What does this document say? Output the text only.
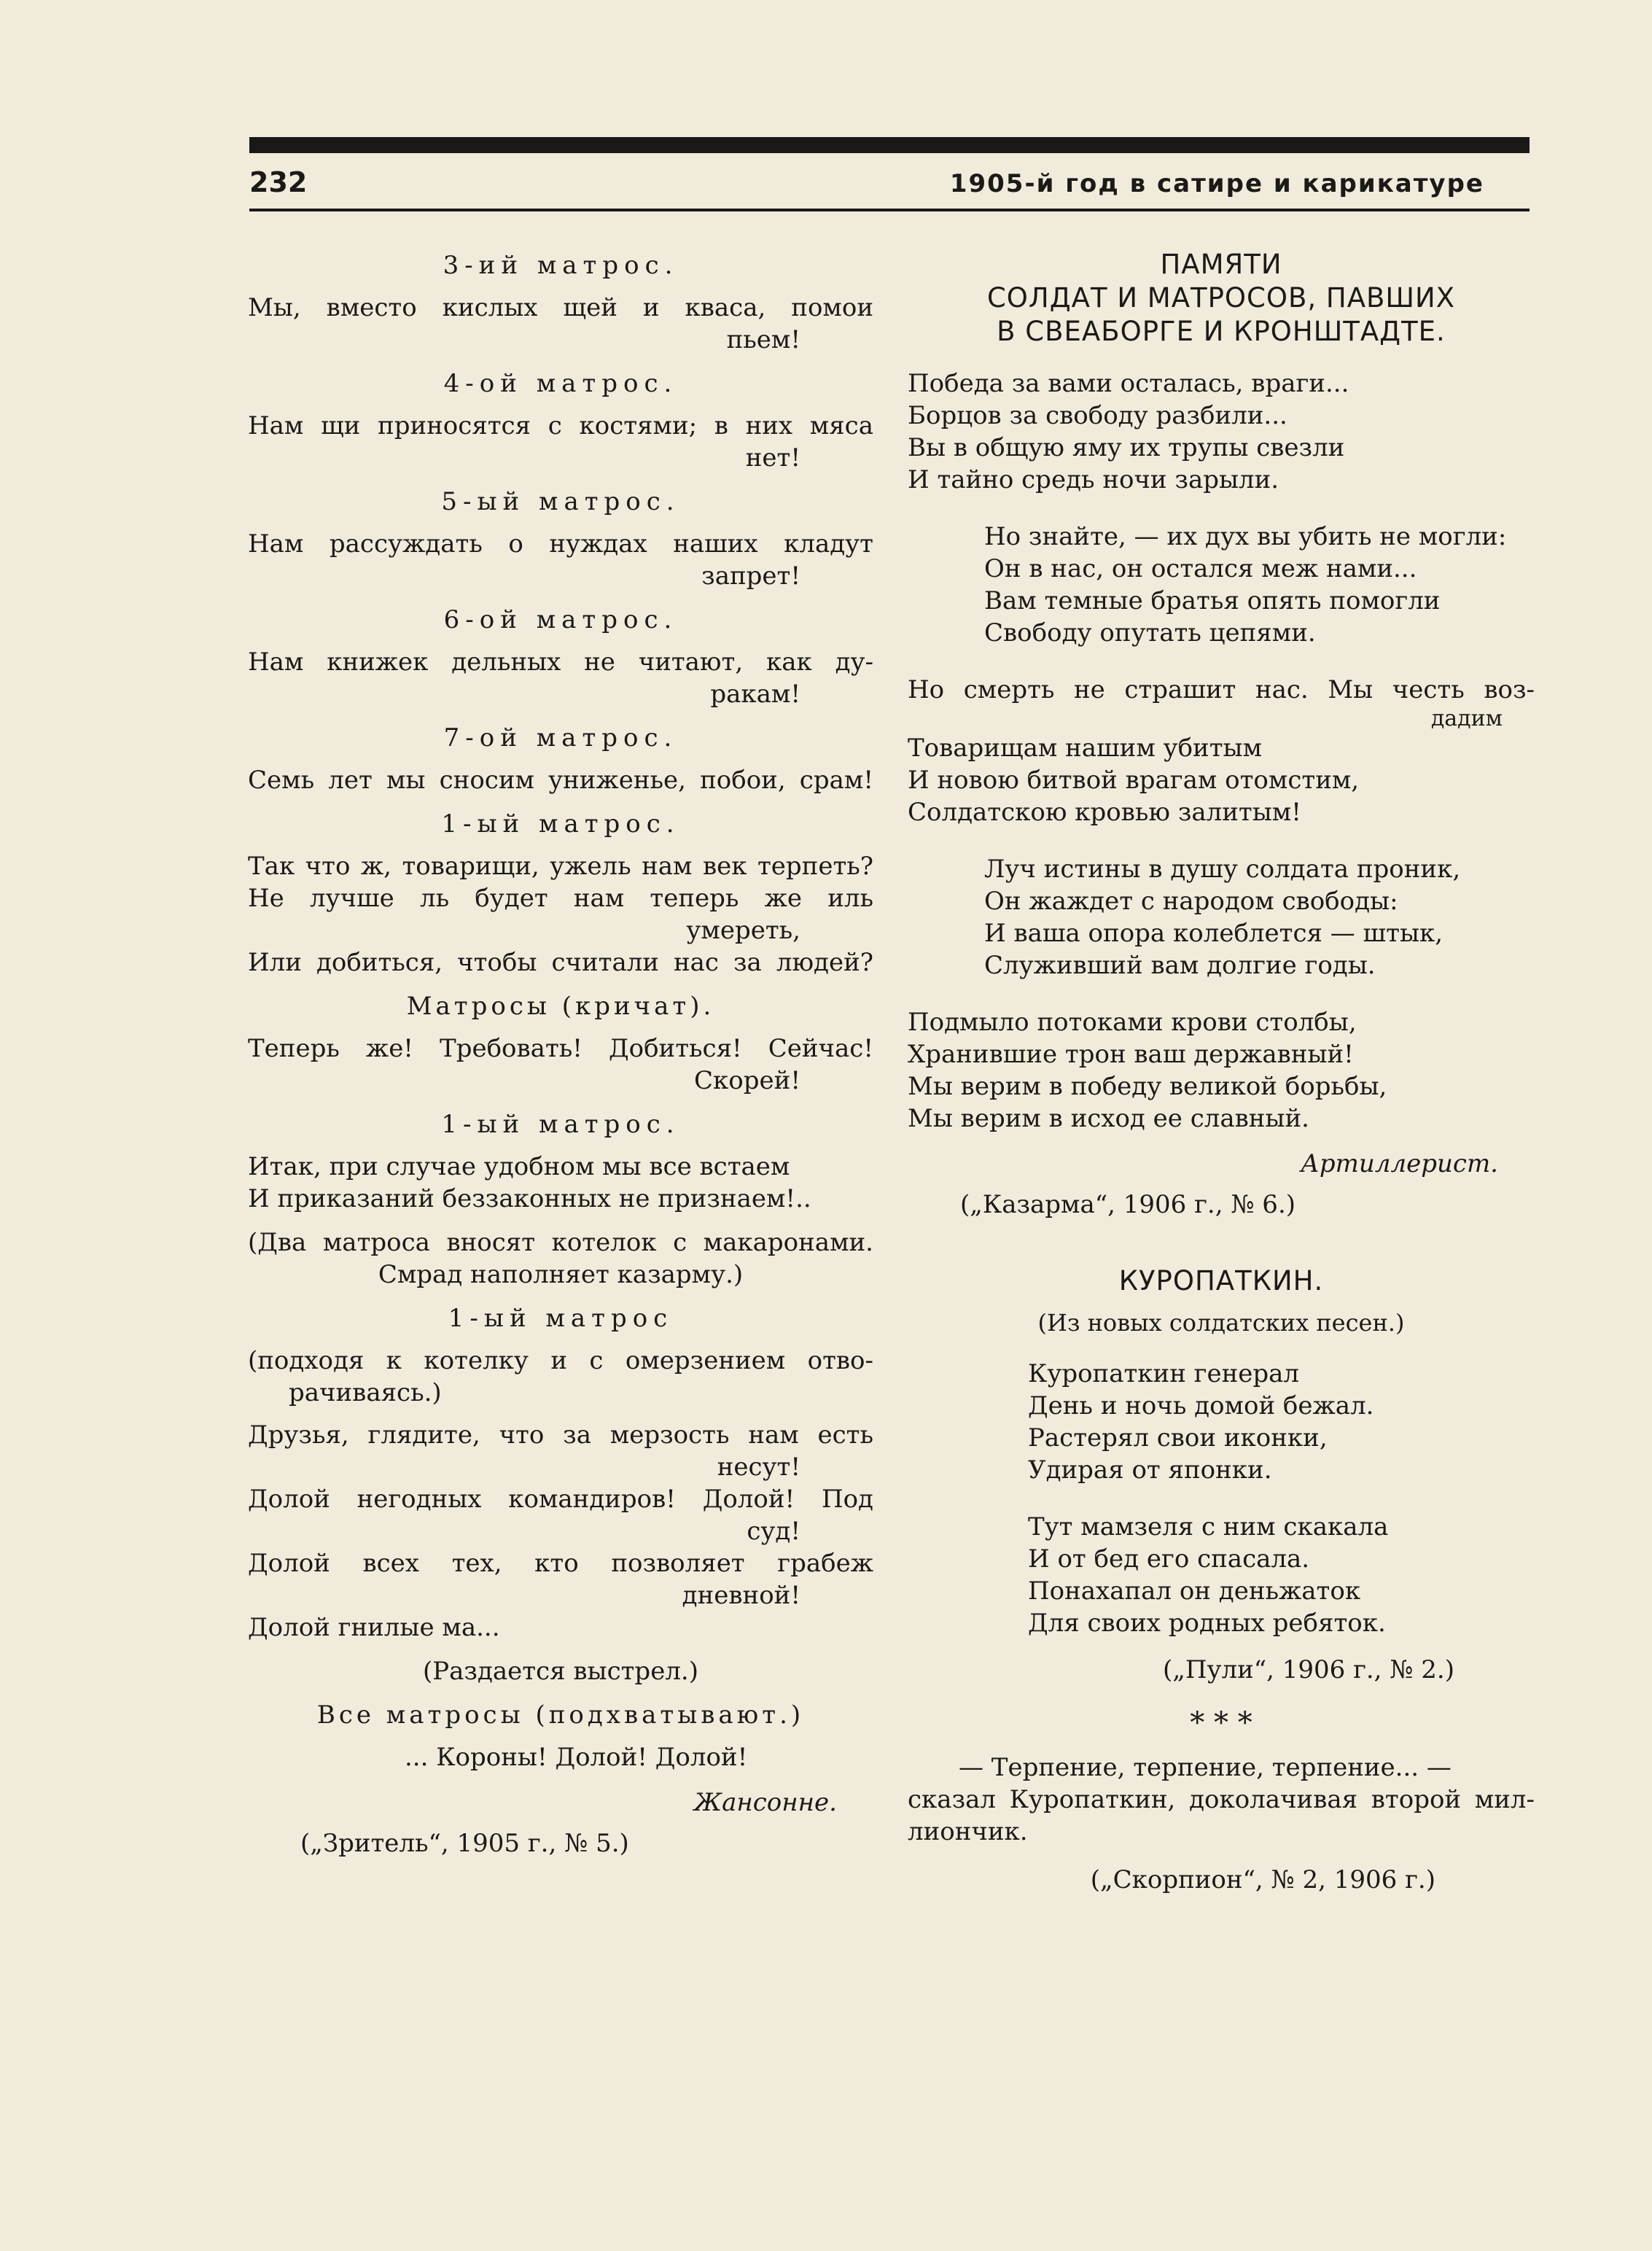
232	1905-й год в сатире и карикатуре
3-ий матрос.

Мы, вместо кислых щей и кваса, помои

пьем!

4-ой матрос.

Нам щи приносятся с костями; в них мяса

нет!

5-ый матрос.

Нам рассуждать о нуждах наших кладут

запрет!

6-ой матрос.

Нам книжек дельных не читают, как ду-

ракам!

7-ой матрос.

Семь лет мы сносим униженье, побои, срам!

1-ый матрос.

Так что ж, товарищи, ужель нам век терпеть?

Не лучше ль будет нам теперь же иль

умереть,

Или добиться, чтобы считали нас за людей?

Матросы (кричат).

Теперь же! Требовать! Добиться! Сейчас!

Скорей!

1-ый матрос.

Итак, при случае удобном мы все встаем

И приказаний беззаконных не признаем!..

(Два матроса вносят котелок с макаронами.

Смрад наполняет казарму.)
1-ый матрос

(подходя к котелку и с омерзением отво-

рачиваясь.)

Друзья, глядите, что за мерзость нам есть

несут!

Долой негодных командиров! Долой! Под

суд!

Долой всех тех, кто позволяет грабеж

дневной!

Долой гнилые ма...

(Раздается выстрел.)
Все матросы (подхватывают.)

... Короны! Долой! Долой!

Жансонне.
(„Зритель“, 1905 г., № 5.)
ПАМЯТИ
СОЛДАТ И МАТРОСОВ, ПАВШИХ
В СВЕАБОРГЕ И КРОНШТАДТЕ.

Победа за вами осталась, враги...

Борцов за свободу разбили...

Вы в общую яму их трупы свезли

И тайно средь ночи зарыли.

Но знайте, — их дух вы убить не могли:

Он в нас, он остался меж нами...

Вам темные братья опять помогли

Свободу опутать цепями.

Но смерть не страшит нас. Мы честь воз-

дадим

Товарищам нашим убитым

И новою битвой врагам отомстим,

Солдатскою кровью залитым!

Луч истины в душу солдата проник,

Он жаждет с народом свободы:

И ваша опора колеблется — штык,

Служивший вам долгие годы.

Подмыло потоками крови столбы,

Хранившие трон ваш державный!

Мы верим в победу великой борьбы,

Мы верим в исход ее славный.

Артиллерист.
(„Казарма“, 1906 г., № 6.)
КУРОПАТКИН.
(Из новых солдатских песен.)

Куропаткин генерал

День и ночь домой бежал.

Растерял свои иконки,

Удирая от японки.

Тут мамзеля с ним скакала

И от бед его спасала.

Понахапал он деньжаток

Для своих родных ребяток.

(„Пули“, 1906 г., № 2.)
* * *

— Терпение, терпение, терпение... —

сказал Куропаткин, доколачивая второй мил-

лиончик.

(„Скорпион“, № 2, 1906 г.)
